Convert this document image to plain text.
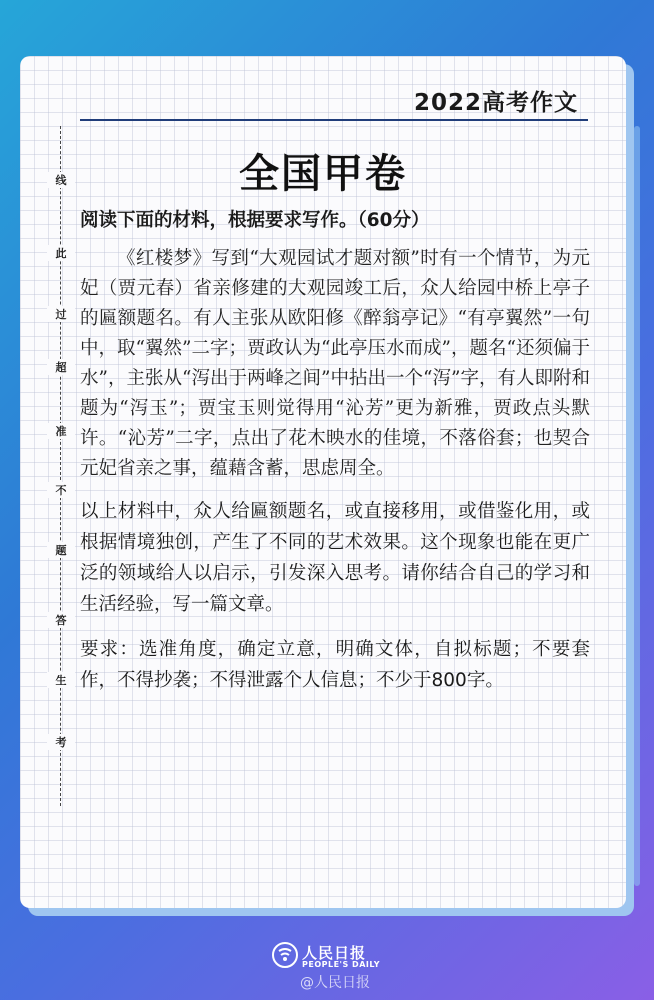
2022高考作文
线
此
过
超
准
不
题
答
生
考
全国甲卷

阅读下面的材料，根据要求写作。（60分）

《红楼梦》写到“大观园试才题对额”时有一个情节，为元妃（贾元春）省亲修建的大观园竣工后，众人给园中桥上亭子的匾额题名。有人主张从欧阳修《醉翁亭记》“有亭翼然”一句中，取“翼然”二字；贾政认为“此亭压水而成”，题名“还须偏于水”，主张从“泻出于两峰之间”中拈出一个“泻”字，有人即附和题为“泻玉”；贾宝玉则觉得用“沁芳”更为新雅，贾政点头默许。“沁芳”二字，点出了花木映水的佳境，不落俗套；也契合元妃省亲之事，蕴藉含蓄，思虑周全。

以上材料中，众人给匾额题名，或直接移用，或借鉴化用，或根据情境独创，产生了不同的艺术效果。这个现象也能在更广泛的领域给人以启示，引发深入思考。请你结合自己的学习和生活经验，写一篇文章。

要求：选准角度，确定立意，明确文体，自拟标题；不要套作，不得抄袭；不得泄露个人信息；不少于800字。

人民日报
PEOPLE'S DAILY
@人民日报
